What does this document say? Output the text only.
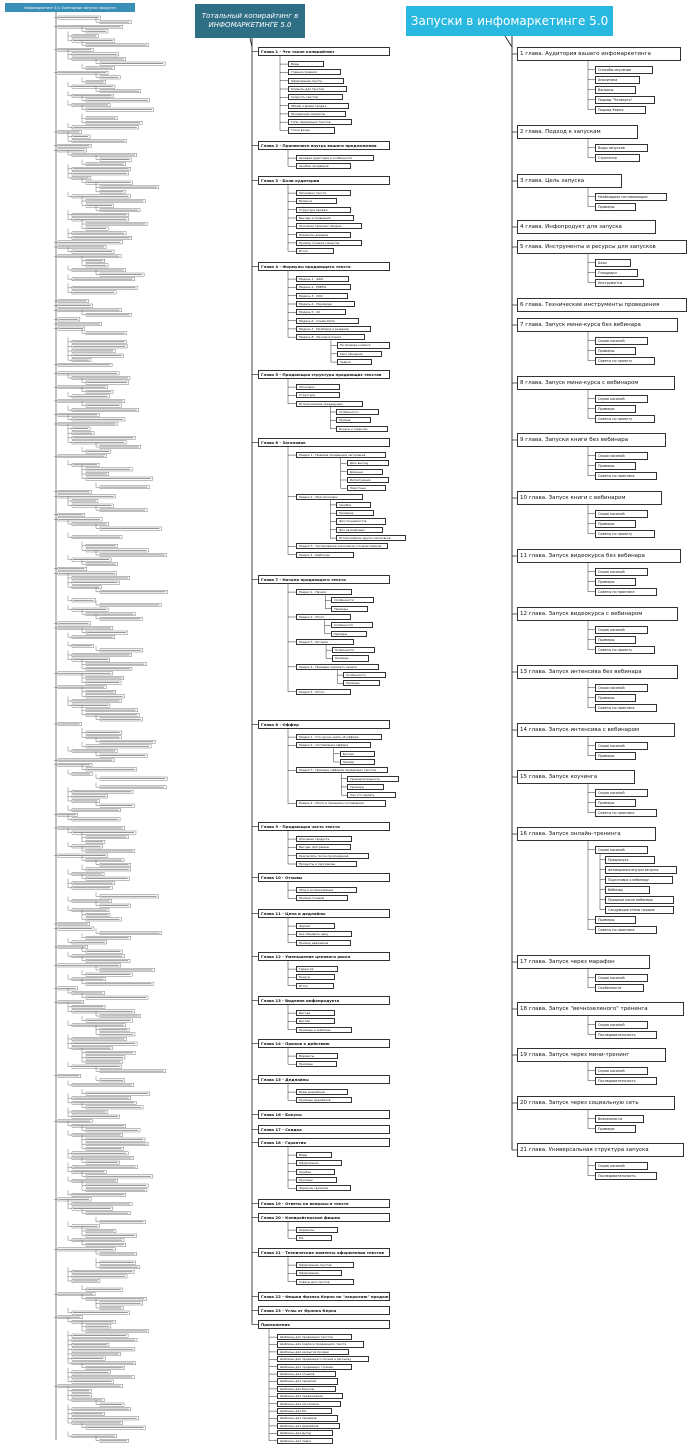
Инфомаркетинг 5.0. Ежегодные запуски продукта
Тотальный копирайтинг в
ИНФОМАРКЕТИНГЕ 5.0	Запуски в инфомаркетинге 5.0
Глава 1 - Что такое копирайтинг
Виды
Главное правило
Оформление текста
Клиенты для текстов
Скорость текстов
Объём и время продаж
Продающие элементы
Типы продающих текстов
Точки входа
Глава 2 - Проникните внутрь вашего предложения
Целевая аудитория и особенности
Ошибки продавцов
Глава 3 - Боли аудитории
Заголовок текста
Вопросы
Структура продаж
Выгоды и сравнения
Описание прошлых продаж
Элементы доверия
Пример отзывов клиентов
Итоги
Глава 4 - Формулы продающего текста
Модель 1 - AIDA
Модель 2 - PMPHS
Модель 3 - ODC
Модель 4 - Пирамида
Модель 5 - 4U
Модель 6 - Схема ACCA
Модель 7 - Проблема и решение
Модель 8 - Личная история
На примере клиента
Свое обещание
Задачи
Глава 5 - Продающая структура продающих текстов
Заголовок
Структура
Использование предыдущих
Особенности
Призыв
Бонусы и гарантии
Глава 6 - Заголовок
Раздел 1 - Правила продающих заголовков
Дать выгоду
Длинные
Интригующие
Новостные
Раздел 2 - Мой заголовок
Ошибки
Проверка
Для специалистов
Для начинающих
Использование других заголовков
Раздел 3 - Тестирование заголовков и подзаголовков
Раздел 4 - Шаблоны
Глава 7 - Начало продающего текста
Раздел 1 - Начало
Особенности
Примеры
Раздел 2 - Итоги
Особенности
Примеры
Раздел 3 - Истории
Особенности
Примеры
Раздел 4 - Примеры хорошего начала
Особенности
Примеры
Раздел 5 - Итоги
Глава 8 - Оффер
Раздел 1 - Что нужно знать об оффере
Раздел 2 - Составление оффера
Выгода
Пример
Раздел 3 - Примеры офферов продающих текстов
Привлекательность
Примеры
Как это сделать
Раздел 4 - Итоги и принципы составления
Глава 9 - Продающая часть текста
Описание продукта
Выгоды программы
Результаты после прохождения
Продукты и программы
Глава 10 - Отзывы
Сбор и использование
Пример отзывов
Глава 11 - Цена и дедлайны
Формат
Как объявить цену
Пример дедлайнов
Глава 12 - Уменьшение ценового риска
Гарантия
Бонусы
Итоги
Глава 13 - Видение инфопродукта
Выгода
Детали
Примеры и шаблоны
Глава 14 - Призыв к действию
Варианты
Примеры
Глава 15 - Дедлайны
Виды дедлайнов
Примеры дедлайнов
Глава 16 - Бонусы
Глава 17 - Скидка
Глава 18 - Гарантия
Виды
Оформление
Ошибки
Причины
Формулы гарантии
Глава 19 - Ответы на вопросы в тексте
Глава 20 - Копирайтерские фишки
Элементы
P.S.
Глава 21 - Технические моменты оформления текстов
Оформление текстов
Оформление
Советы для текстов
Глава 22 - Фишки Фрэнка Керна по "закрытию" продаж
Глава 23 - Углы от Фрэнка Керна
Приложения
Шаблоны для продающих текстов
Шаблоны для подписи продающего текста
Шаблоны для закрытия продаж
Шаблоны для продающего письма в рассылку
Шаблоны для продающих страниц
Шаблоны для отзывов
Шаблоны для гарантий
Шаблоны для бонусов
Шаблоны для предложения
Шаблоны для заголовков
Шаблоны для P.S.
Шаблоны для призывов
Шаблоны для дедлайнов
Шаблоны для выгод
Шаблоны для пиара
1 глава. Аудитория вашего инфомаркетинга
Способы изучения
Аналитика
Вопросы
Подход "Четверто"
Подход Керна
2 глава. Подход к запускам
Виды запусков
Стратегия
3 глава. Цель запуска
Необходимо составляющие
Примеры
4 глава. Инфопродукт для запуска
5 глава. Инструменты и ресурсы для запусков
Базы
Площадки
Инструменты
6 глава. Технические инструменты проведения
7 глава. Запуск мини-курса без вебинара
Серия касаний
Примеры
Советы по проекту
8 глава. Запуск мини-курса с вебинаром
Серия касаний
Примеры
Советы по проекту
9 глава. Запуски книги без вебинара
Серия касаний
Примеры
Советы по практике
10 глава. Запуск книги с вебинаром
Серия касаний
Примеры
Советы по проекту
11 глава. Запуск видеокурса без вебинара
Серия касаний
Примеры
Советы по практике
12 глава. Запуск видеокурса с вебинаром
Серия касаний
Примеры
Советы по проекту
13 глава. Запуск интенсива без вебинара
Серия касаний
Примеры
Советы по практике
14 глава. Запуск интенсива с вебинаром
Серия касаний
Примеры
15 глава. Запуск коучинга
Серия касаний
Примеры
Советы по практике
16 глава. Запуск онлайн-тренинга
Серия касаний
Предзапуск
Автоворонка внутри запуска
Подготовка к вебинару
Вебинар
Продажи после вебинара
Следующие этапы продаж
Примеры
Советы по практике
17 глава. Запуск через марафон
Серия касаний
Особенности
18 глава. Запуск "вечнозеленого" тренинга
Серия касаний
Последовательность
19 глава. Запуск через мини-тренинг
Серия касаний
Последовательность
20 глава. Запуск через социальную сеть
Возможности
Примеры
21 глава. Универсальная структура запуска
Серия касаний
Последовательность
